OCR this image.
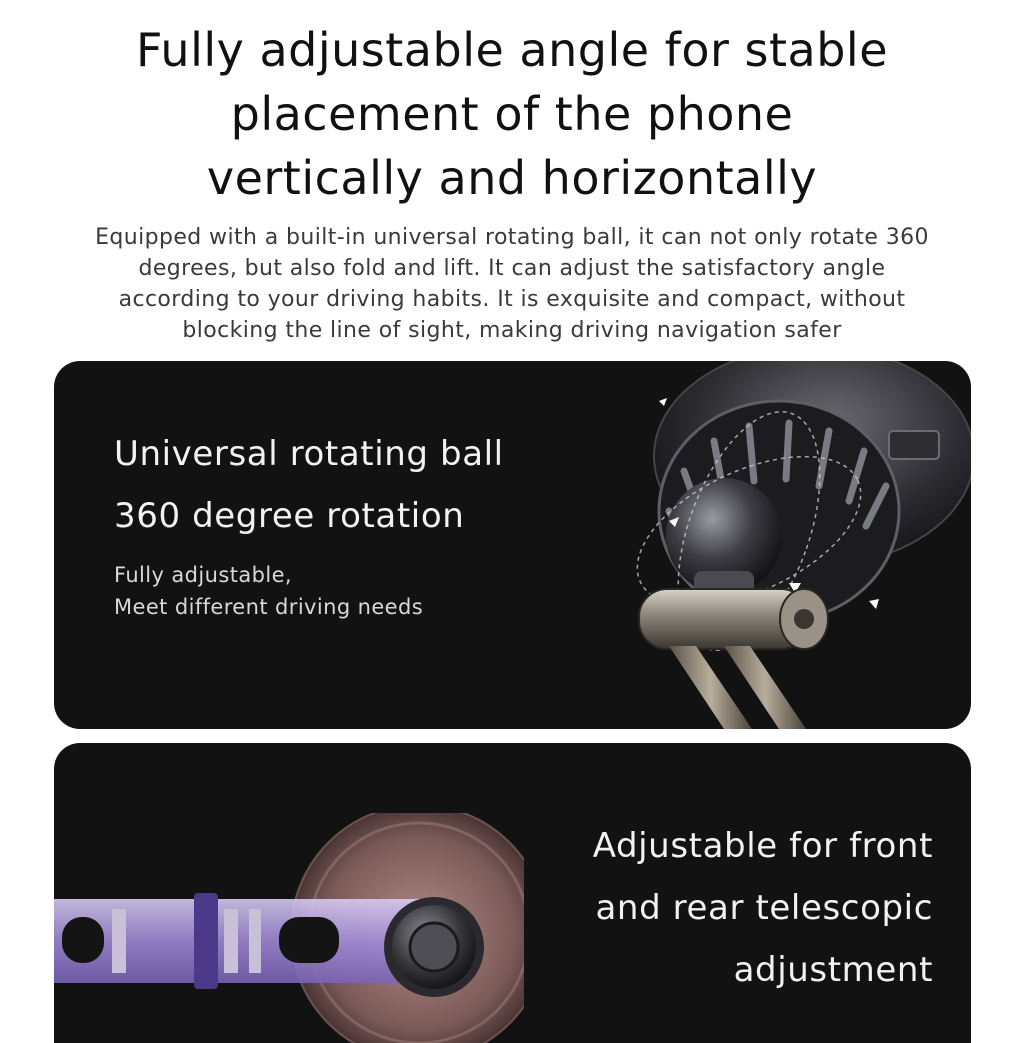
Fully adjustable angle for stable
placement of the phone
vertically and horizontally

Equipped with a built-in universal rotating ball, it can not only rotate 360
degrees, but also fold and lift. It can adjust the satisfactory angle
according to your driving habits. It is exquisite and compact, without
blocking the line of sight, making driving navigation safer

Universal rotating ball
360 degree rotation

Fully adjustable,
Meet different driving needs

Adjustable for front
and rear telescopic
adjustment
